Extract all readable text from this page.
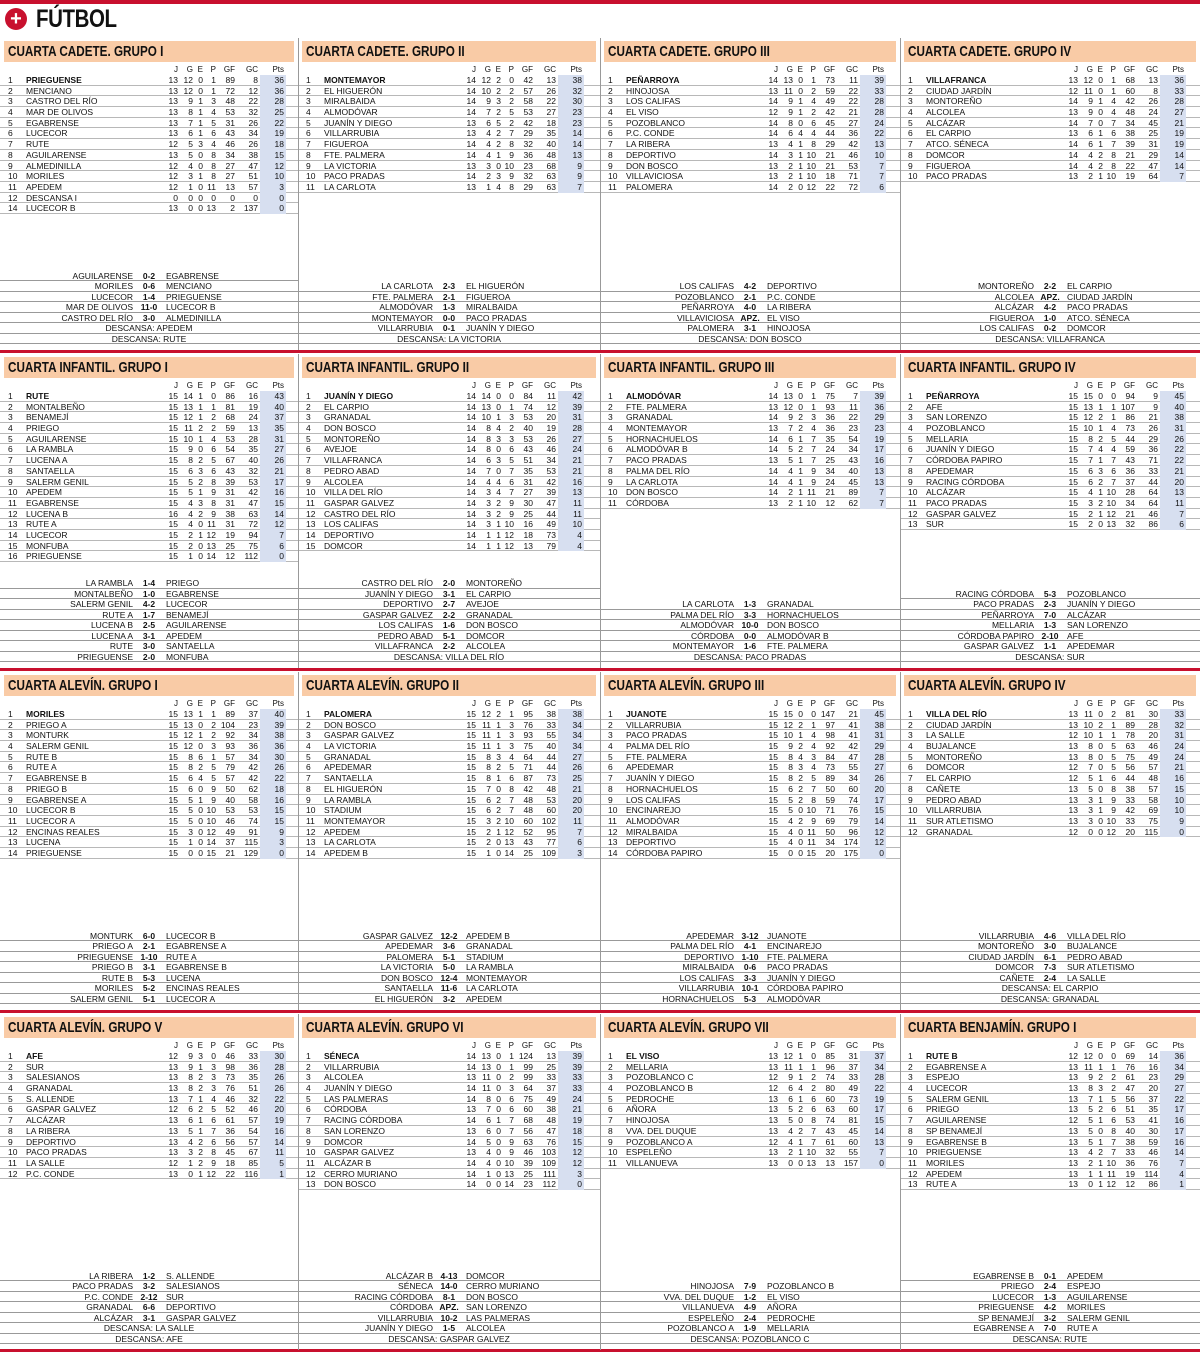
+ FÚTBOL
CUARTA CADETE. GRUPO I
J	G E P GF	GC	Pts
1	PRIEGUENSE	13 12 0 1	89	8	36
2	MENCIANO	13 12 0 1	72	12	36
3	CASTRO DEL RÍO	13	9 1 3	48	22	28
4	MAR DE OLIVOS	13	8 1 4	53	32	25
5	EGABRENSE	13	7 1 5	31	26	22
6	LUCECOR	13	6 1 6	43	34	19
7	RUTE	12	5 3 4	46	26	18
8	AGUILARENSE	13	5 0 8	34	38	15
9	ALMEDINILLA	12	4 0 8	27	47	12
10	MORILES	12	3 1 8	27	51	10
11	APEDEM	12	1 0 11	13	57	3
12	DESCANSA I	0	0 0 0	0	0	0
14	LUCECOR B	13	0 0 13	2	137	0
AGUILARENSE	0-2	EGABRENSE
MORILES	0-6	MENCIANO
LUCECOR	1-4	PRIEGUENSE
MAR DE OLIVOS 11-0	LUCECOR B
CASTRO DEL RÍO	3-0	ALMEDINILLA
DESCANSA: APEDEM
DESCANSA: RUTE
CUARTA CADETE. GRUPO II
J	G E P GF	GC	Pts
1	MONTEMAYOR	14 12 2 0	42	13	38
2	EL HIGUERÓN	14 10 2 2	57	26	32
3	MIRALBAIDA	14	9 3 2	58	22	30
4	ALMODÓVAR	14	7 2 5	53	27	23
5	JUANÍN Y DIEGO	13	6 5 2	42	18	23
6	VILLARRUBIA	13	4 2 7	29	35	14
7	FIGUEROA	14	4 2 8	32	40	14
8	FTE. PALMERA	14	4 1 9	36	48	13
9	LA VICTORIA	13	3 0 10	23	68	9
10	PACO PRADAS	14	2 3 9	32	63	9
11	LA CARLOTA	13	1 4 8	29	63	7
LA CARLOTA	2-3	EL HIGUERÓN
FTE. PALMERA	2-1	FIGUEROA
ALMODÓVAR	1-3	MIRALBAIDA
MONTEMAYOR	0-0	PACO PRADAS
VILLARRUBIA	0-1	JUANÍN Y DIEGO
DESCANSA: LA VICTORIA
CUARTA CADETE. GRUPO III
J	G E P GF	GC	Pts
1	PEÑARROYA	14 13 0 1	73	11	39
2	HINOJOSA	13 11 0 2	59	22	33
3	LOS CALIFAS	14	9 1 4	49	22	28
4	EL VISO	12	9 1 2	42	21	28
5	POZOBLANCO	14	8 0 6	45	27	24
6	P.C. CONDE	14	6 4 4	44	36	22
7	LA RIBERA	13	4 1 8	29	42	13
8	DEPORTIVO	14	3 1 10	21	46	10
9	DON BOSCO	13	2 1 10	21	53	7
10	VILLAVICIOSA	13	2 1 10	18	71	7
11	PALOMERA	14	2 0 12	22	72	6
LOS CALIFAS	4-2	DEPORTIVO
POZOBLANCO	2-1	P.C. CONDE
PEÑARROYA	4-0	LA RIBERA
VILLAVICIOSA APZ. EL VISO
PALOMERA	3-1	HINOJOSA
DESCANSA: DON BOSCO
CUARTA CADETE. GRUPO IV
J	G E P GF	GC	Pts
1	VILLAFRANCA	13 12 0 1	68	13	36
2	CIUDAD JARDÍN	12 11 0 1	60	8	33
3	MONTOREÑO	14	9 1 4	42	26	28
4	ALCOLEA	13	9 0 4	48	24	27
5	ALCÁZAR	14	7 0 7	34	45	21
6	EL CARPIO	13	6 1 6	38	25	19
7	ATCO. SÉNECA	14	6 1 7	39	31	19
8	DOMCOR	14	4 2 8	21	29	14
9	FIGUEROA	14	4 2 8	22	47	14
10	PACO PRADAS	13	2 1 10	19	64	7
MONTOREÑO	2-2	EL CARPIO
ALCOLEA APZ. CIUDAD JARDÍN
ALCÁZAR	4-2	PACO PRADAS
FIGUEROA	1-0	ATCO. SÉNECA
LOS CALIFAS	0-2	DOMCOR
DESCANSA: VILLAFRANCA
CUARTA INFANTIL. GRUPO I
J	G E P GF	GC	Pts
1	RUTE	15 14 1 0	86	16	43
2	MONTALBEÑO	15 13 1 1	81	19	40
3	BENAMEJÍ	15 12 1 2	68	24	37
4	PRIEGO	15 11 2 2	59	13	35
5	AGUILARENSE	15 10 1 4	53	28	31
6	LA RAMBLA	15	9 0 6	54	35	27
7	LUCENA A	15	8 2 5	67	40	26
8	SANTAELLA	15	6 3 6	43	32	21
9	SALERM GENIL	15	5 2 8	39	53	17
10	APEDEM	15	5 1 9	31	42	16
11	EGABRENSE	15	4 3 8	31	47	15
12	LUCENA B	16	4 2 9	38	63	14
13	RUTE A	15	4 0 11	31	72	12
14	LUCECOR	15	2 1 12	19	94	7
15	MONFUBA	15	2 0 13	25	75	6
16	PRIEGUENSE	15	1 0 14	12	112	0
LA RAMBLA	1-4	PRIEGO
MONTALBEÑO	1-0	EGABRENSE
SALERM GENIL	4-2	LUCECOR
RUTE A	1-7	BENAMEJÍ
LUCENA B	2-5	AGUILARENSE
LUCENA A	3-1	APEDEM
RUTE	3-0	SANTAELLA
PRIEGUENSE	2-0	MONFUBA
CUARTA INFANTIL. GRUPO II
J	G E P GF	GC	Pts
1	JUANÍN Y DIEGO	14 14 0 0	84	11	42
2	EL CARPIO	14 13 0 1	74	12	39
3	GRANADAL	14 10 1 3	53	20	31
4	DON BOSCO	14	8 4 2	40	19	28
5	MONTOREÑO	14	8 3 3	53	26	27
6	AVEJOE	14	8 0 6	43	46	24
7	VILLAFRANCA	14	6 3 5	51	34	21
8	PEDRO ABAD	14	7 0 7	35	53	21
9	ALCOLEA	14	4 4 6	31	42	16
10	VILLA DEL RÍO	14	3 4 7	27	39	13
11	GASPAR GALVEZ	14	3 2 9	30	47	11
12	CASTRO DEL RÍO	14	3 2 9	25	44	11
13	LOS CALIFAS	14	3 1 10	16	49	10
14	DEPORTIVO	14	1 1 12	18	73	4
15	DOMCOR	14	1 1 12	13	79	4
CASTRO DEL RÍO	2-0	MONTOREÑO
JUANÍN Y DIEGO	3-1	EL CARPIO
DEPORTIVO	2-7	AVEJOE
GASPAR GALVEZ	2-2	GRANADAL
LOS CALIFAS	1-6	DON BOSCO
PEDRO ABAD	5-1	DOMCOR
VILLAFRANCA	2-2	ALCOLEA
DESCANSA: VILLA DEL RÍO
CUARTA INFANTIL. GRUPO III
J	G E P GF	GC	Pts
1	ALMODÓVAR	14 13 0 1	75	7	39
2	FTE. PALMERA	13 12 0 1	93	11	36
3	GRANADAL	14	9 2 3	36	22	29
4	MONTEMAYOR	13	7 2 4	36	23	23
5	HORNACHUELOS	14	6 1 7	35	54	19
6	ALMODÓVAR B	14	5 2 7	24	34	17
7	PACO PRADAS	13	5 1 7	25	43	16
8	PALMA DEL RÍO	14	4 1 9	34	40	13
9	LA CARLOTA	14	4 1 9	24	45	13
10	DON BOSCO	14	2 1 11	21	89	7
11	CÓRDOBA	13	2 1 10	12	62	7
LA CARLOTA	1-3	GRANADAL
PALMA DEL RÍO	3-3	HORNACHUELOS
ALMODÓVAR 10-0	DON BOSCO
CÓRDOBA	0-0	ALMODÓVAR B
MONTEMAYOR	1-6	FTE. PALMERA
DESCANSA: PACO PRADAS
CUARTA INFANTIL. GRUPO IV
J	G E P GF	GC	Pts
1	PEÑARROYA	15 15 0 0	94	9	45
2	AFE	15 13 1 1 107	9	40
3	SAN LORENZO	15 12 2 1	86	21	38
4	POZOBLANCO	15 10 1 4	73	26	31
5	MELLARIA	15	8 2 5	44	29	26
6	JUANÍN Y DIEGO	15	7 4 4	59	36	22
7	CÓRDOBA PAPIRO	15	7 1 7	43	71	22
8	APEDEMAR	15	6 3 6	36	33	21
9	RACING CÓRDOBA	15	6 2 7	37	44	20
10	ALCÁZAR	15	4 1 10	28	64	13
11	PACO PRADAS	15	3 2 10	34	64	11
12	GASPAR GALVEZ	15	2 1 12	21	46	7
13	SUR	15	2 0 13	32	86	6
RACING CÓRDOBA	5-3	POZOBLANCO
PACO PRADAS	2-3	JUANÍN Y DIEGO
PEÑARROYA	7-0	ALCÁZAR
MELLARIA	1-3	SAN LORENZO
CÓRDOBA PAPIRO 2-10	AFE
GASPAR GALVEZ	1-1	APEDEMAR
DESCANSA: SUR
CUARTA ALEVÍN. GRUPO I
J	G E P GF	GC	Pts
1	MORILES	15 13 1 1	89	37	40
2	PRIEGO A	15 13 0 2 104	23	39
3	MONTURK	15 12 1 2	92	34	38
4	SALERM GENIL	15 12 0 3	93	36	36
5	RUTE B	15	8 6 1	57	34	30
6	RUTE A	15	8 2 5	79	42	26
7	EGABRENSE B	15	6 4 5	57	42	22
8	PRIEGO B	15	6 0 9	50	62	18
9	EGABRENSE A	15	5 1 9	40	58	16
10	LUCECOR B	15	5 0 10	53	53	15
11	LUCECOR A	15	5 0 10	46	74	15
12	ENCINAS REALES	15	3 0 12	49	91	9
13	LUCENA	15	1 0 14	37	115	3
14	PRIEGUENSE	15	0 0 15	21	129	0
MONTURK	6-0	LUCECOR B
PRIEGO A	2-1	EGABRENSE A
PRIEGUENSE 1-10	RUTE A
PRIEGO B	3-1	EGABRENSE B
RUTE B	5-3	LUCENA
MORILES	5-2	ENCINAS REALES
SALERM GENIL	5-1	LUCECOR A
CUARTA ALEVÍN. GRUPO II
J	G E P GF	GC	Pts
1	PALOMERA	15 12 2 1	95	38	38
2	DON BOSCO	15 11 1 3	76	33	34
3	GASPAR GALVEZ	15 11 1 3	93	55	34
4	LA VICTORIA	15 11 1 3	75	40	34
5	GRANADAL	15	8 3 4	64	44	27
6	APEDEMAR	15	8 2 5	71	44	26
7	SANTAELLA	15	8 1 6	87	73	25
8	EL HIGUERÓN	15	7 0 8	42	48	21
9	LA RAMBLA	15	6 2 7	48	53	20
10	STADIUM	15	6 2 7	48	60	20
11	MONTEMAYOR	15	3 2 10	60	102	11
12	APEDEM	15	2 1 12	52	95	7
13	LA CARLOTA	15	2 0 13	43	77	6
14	APEDEM B	15	1 0 14	25	109	3
GASPAR GALVEZ 12-2	APEDEM B
APEDEMAR	3-6	GRANADAL
PALOMERA	5-1	STADIUM
LA VICTORIA	5-0	LA RAMBLA
DON BOSCO 12-4	MONTEMAYOR
SANTAELLA 11-6	LA CARLOTA
EL HIGUERÓN	3-2	APEDEM
CUARTA ALEVÍN. GRUPO III
J	G E P GF	GC	Pts
1	JUANOTE	15 15 0 0 147	21	45
2	VILLARRUBIA	15 12 2 1	97	41	38
3	PACO PRADAS	15 10 1 4	98	41	31
4	PALMA DEL RÍO	15	9 2 4	92	42	29
5	FTE. PALMERA	15	8 4 3	84	47	28
6	APEDEMAR	15	8 3 4	73	55	27
7	JUANÍN Y DIEGO	15	8 2 5	89	34	26
8	HORNACHUELOS	15	6 2 7	50	60	20
9	LOS CALIFAS	15	5 2 8	59	74	17
10	ENCINAREJO	15	5 0 10	71	76	15
11	ALMODÓVAR	15	4 2 9	69	79	14
12	MIRALBAIDA	15	4 0 11	50	96	12
13	DEPORTIVO	15	4 0 11	34	174	12
14	CÓRDOBA PAPIRO	15	0 0 15	20	175	0
APEDEMAR 3-12	JUANOTE
PALMA DEL RÍO	4-1	ENCINAREJO
DEPORTIVO 1-10	FTE. PALMERA
MIRALBAIDA	0-6	PACO PRADAS
LOS CALIFAS	3-3	JUANÍN Y DIEGO
VILLARRUBIA 10-1	CÓRDOBA PAPIRO
HORNACHUELOS	5-3	ALMODÓVAR
CUARTA ALEVÍN. GRUPO IV
J	G E P GF	GC	Pts
1	VILLA DEL RÍO	13 11 0 2	81	30	33
2	CIUDAD JARDÍN	13 10 2 1	89	28	32
3	LA SALLE	12 10 1 1	78	20	31
4	BUJALANCE	13	8 0 5	63	46	24
5	MONTOREÑO	13	8 0 5	75	49	24
6	DOMCOR	12	7 0 5	56	57	21
7	EL CARPIO	12	5 1 6	44	48	16
8	CAÑETE	13	5 0 8	38	57	15
9	PEDRO ABAD	13	3 1 9	33	58	10
10	VILLARRUBIA	13	3 1 9	42	69	10
11	SUR ATLETISMO	13	3 0 10	33	75	9
12	GRANADAL	12	0 0 12	20	115	0
VILLARRUBIA	4-6	VILLA DEL RÍO
MONTOREÑO	3-0	BUJALANCE
CIUDAD JARDÍN	6-1	PEDRO ABAD
DOMCOR	7-3	SUR ATLETISMO
CAÑETE	2-4	LA SALLE
DESCANSA: EL CARPIO
DESCANSA: GRANADAL
CUARTA ALEVÍN. GRUPO V
J	G E P GF	GC	Pts
1	AFE	12	9 3 0	46	33	30
2	SUR	13	9 1 3	98	36	28
3	SALESIANOS	13	8 2 3	73	35	26
4	GRANADAL	13	8 2 3	76	51	26
5	S. ALLENDE	13	7 1 4	46	32	22
6	GASPAR GALVEZ	12	6 2 5	52	46	20
7	ALCÁZAR	13	6 1 6	61	57	19
8	LA RIBERA	13	5 1 7	36	54	16
9	DEPORTIVO	13	4 2 6	56	57	14
10	PACO PRADAS	13	3 2 8	45	67	11
11	LA SALLE	12	1 2 9	18	85	5
12	P.C. CONDE	13	0 1 12	22	116	1
LA RIBERA	1-2	S. ALLENDE
PACO PRADAS	3-2	SALESIANOS
P.C. CONDE 2-12	SUR
GRANADAL	6-6	DEPORTIVO
ALCÁZAR	3-1	GASPAR GALVEZ
DESCANSA: LA SALLE
DESCANSA: AFE
CUARTA ALEVÍN. GRUPO VI
J	G E P GF	GC	Pts
1	SÉNECA	14 13 0 1 124	13	39
2	VILLARRUBIA	14 13 0 1	99	25	39
3	ALCOLEA	13 11 0 2	99	33	33
4	JUANÍN Y DIEGO	14 11 0 3	64	37	33
5	LAS PALMERAS	14	8 0 6	75	49	24
6	CÓRDOBA	13	7 0 6	60	38	21
7	RACING CÓRDOBA	14	6 1 7	68	48	19
8	SAN LORENZO	13	6 0 7	56	47	18
9	DOMCOR	14	5 0 9	63	76	15
10	GASPAR GALVEZ	13	4 0 9	46	103	12
11	ALCÁZAR B	14	4 0 10	39	109	12
12	CERRO MURIANO	14	1 0 13	25	111	3
13	DON BOSCO	14	0 0 14	23	112	0
ALCÁZAR B 4-13	DOMCOR
SÉNECA 14-0	CERRO MURIANO
RACING CÓRDOBA	8-1	DON BOSCO
CÓRDOBA APZ. SAN LORENZO
VILLARRUBIA 10-2	LAS PALMERAS
JUANÍN Y DIEGO	1-5	ALCOLEA
DESCANSA: GASPAR GALVEZ
CUARTA ALEVÍN. GRUPO VII
J	G E P GF	GC	Pts
1	EL VISO	13 12 1 0	85	31	37
2	MELLARIA	13 11 1 1	96	37	34
3	POZOBLANCO C	12	9 1 2	74	33	28
4	POZOBLANCO B	12	6 4 2	80	49	22
5	PEDROCHE	13	6 1 6	60	73	19
6	AÑORA	13	5 2 6	63	60	17
7	HINOJOSA	13	5 0 8	74	81	15
8	VVA. DEL DUQUE	13	4 2 7	43	45	14
9	POZOBLANCO A	12	4 1 7	61	60	13
10	ESPELEÑO	13	2 1 10	32	55	7
11	VILLANUEVA	13	0 0 13	13	157	0
HINOJOSA	7-9	POZOBLANCO B
VVA. DEL DUQUE	1-2	EL VISO
VILLANUEVA	4-9	AÑORA
ESPELEÑO	2-4	PEDROCHE
POZOBLANCO A	1-9	MELLARIA
DESCANSA: POZOBLANCO C
CUARTA BENJAMÍN. GRUPO I
J	G E P GF	GC	Pts
1	RUTE B	12 12 0 0	69	14	36
2	EGABRENSE A	13 11 1 1	76	16	34
3	ESPEJO	13	9 2 2	61	23	29
4	LUCECOR	13	8 3 2	47	20	27
5	SALERM GENIL	13	7 1 5	56	37	22
6	PRIEGO	13	5 2 6	51	35	17
7	AGUILARENSE	12	5 1 6	53	41	16
8	SP BENAMEJÍ	13	5 0 8	40	30	17
9	EGABRENSE B	13	5 1 7	38	59	16
10	PRIEGUENSE	13	4 2 7	33	46	14
11	MORILES	13	2 1 10	36	76	7
12	APEDEM	13	1 1 11	19	114	4
13	RUTE A	13	0 1 12	12	86	1
EGABRENSE B	0-1	APEDEM
PRIEGO	2-4	ESPEJO
LUCECOR	1-3	AGUILARENSE
PRIEGUENSE	4-2	MORILES
SP BENAMEJÍ	3-2	SALERM GENIL
EGABRENSE A	7-0	RUTE A
DESCANSA: RUTE
